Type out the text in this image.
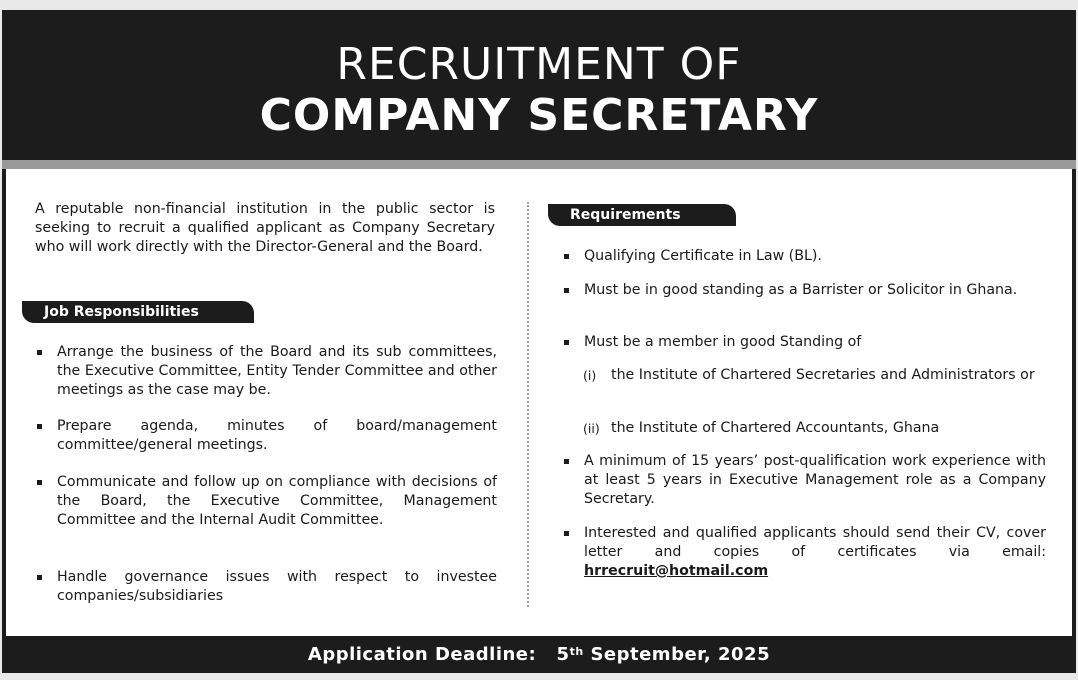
RECRUITMENT OF
COMPANY SECRETARY
A reputable non-financial institution in the public sector is seeking to recruit a qualified applicant as Company Secretary who will work directly with the Director-General and the Board.
Job Responsibilities
Arrange the business of the Board and its sub committees, the Executive Committee, Entity Tender Committee and other meetings as the case may be.
Prepare agenda, minutes of board/management committee/general meetings.
Communicate and follow up on compliance with decisions of the Board, the Executive Committee, Management Committee and the Internal Audit Committee.
Handle governance issues with respect to investee companies/subsidiaries
Requirements
Qualifying Certificate in Law (BL).
Must be in good standing as a Barrister or Solicitor in Ghana.
Must be a member in good Standing of
(i) the Institute of Chartered Secretaries and Administrators or
(ii) the Institute of Chartered Accountants, Ghana
A minimum of 15 years’ post-qualification work experience with at least 5 years in Executive Management role as a Company Secretary.
Interested and qualified applicants should send their CV, cover letter and copies of certificates via email: hrrecruit@hotmail.com
Application Deadline: 5th September, 2025
